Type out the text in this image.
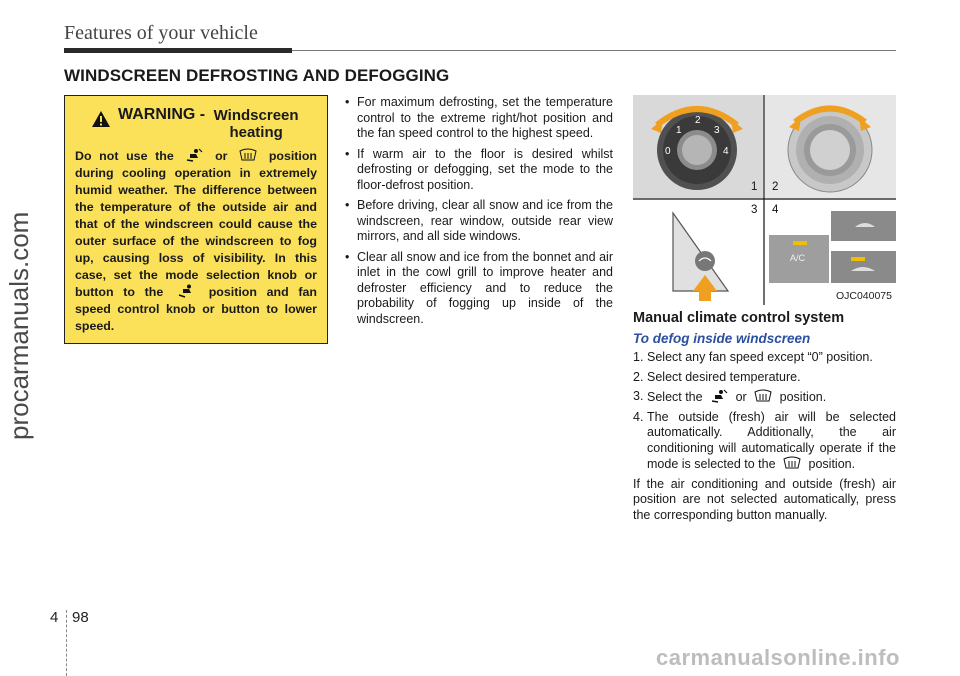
Features of your vehicle
WINDSCREEN DEFROSTING AND DEFOGGING
procarmanuals.com
WARNING - Windscreen heating
Do not use the	or	position during cooling operation in extremely humid weather. The difference between the temperature of the outside air and that of the windscreen could cause the outer surface of the windscreen to fog up, causing loss of visibility. In this case, set the mode selection knob or button to the	position and fan speed control knob or button to lower speed.
• For maximum defrosting, set the temperature control to the extreme right/hot position and the fan speed control to the highest speed.
• If warm air to the floor is desired whilst defrosting or defogging, set the mode to the floor-defrost position.
• Before driving, clear all snow and ice from the windscreen, rear window, outside rear view mirrors, and all side windows.
• Clear all snow and ice from the bonnet and air inlet in the cowl grill to improve heater and defroster efficiency and to reduce the probability of fogging up inside of the windscreen.
0
1
2
3
4
A/C
1 2
3 4
OJC040075
Manual climate control system
To defog inside windscreen
1. Select any fan speed except “0” position.
2. Select desired temperature.
3. Select the	or	position.
4. The outside (fresh) air will be selected automatically. Additionally, the air conditioning will automatically operate if the mode is selected to the	position.
If the air conditioning and outside (fresh) air position are not selected automatically, press the corresponding button manually.
4 98
carmanualsonline.info
